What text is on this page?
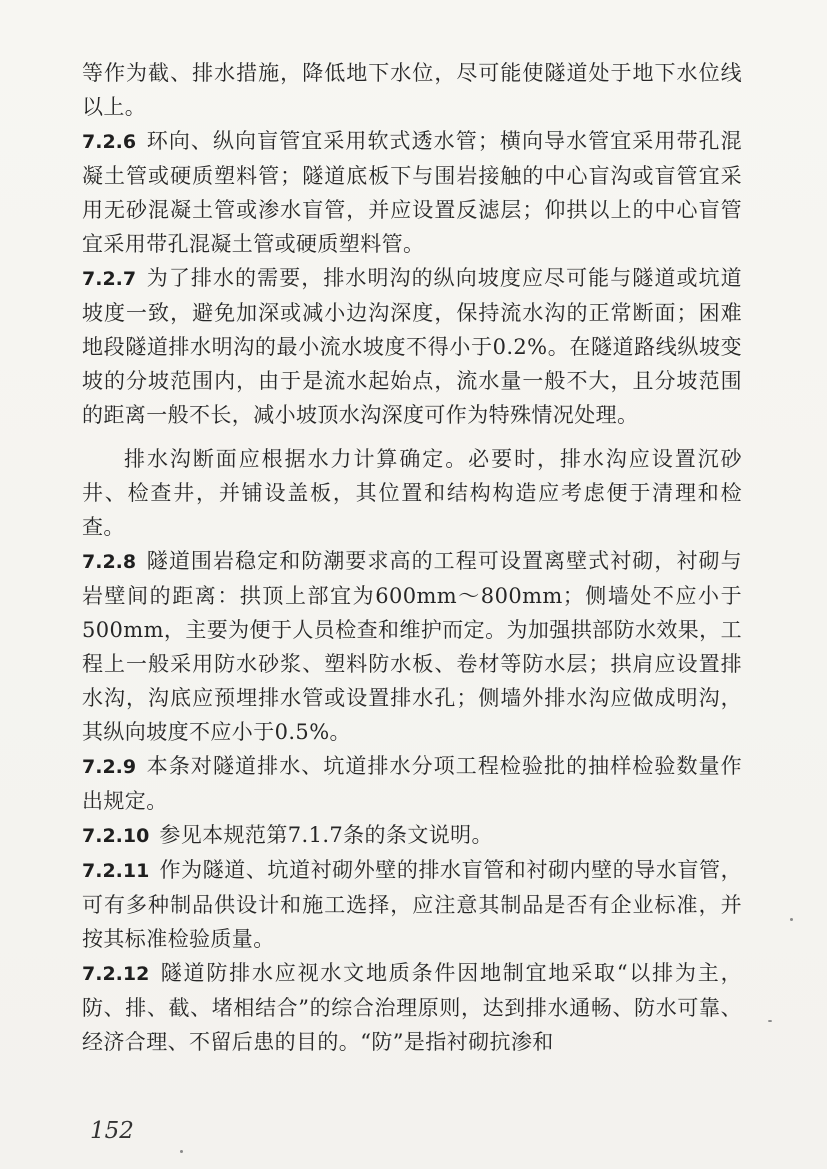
等作为截、排水措施，降低地下水位，尽可能使隧道处于地下水位线以上。

7.2.6 环向、纵向盲管宜采用软式透水管；横向导水管宜采用带孔混凝土管或硬质塑料管；隧道底板下与围岩接触的中心盲沟或盲管宜采用无砂混凝土管或渗水盲管，并应设置反滤层；仰拱以上的中心盲管宜采用带孔混凝土管或硬质塑料管。

7.2.7 为了排水的需要，排水明沟的纵向坡度应尽可能与隧道或坑道坡度一致，避免加深或减小边沟深度，保持流水沟的正常断面；困难地段隧道排水明沟的最小流水坡度不得小于0.2%。在隧道路线纵坡变坡的分坡范围内，由于是流水起始点，流水量一般不大，且分坡范围的距离一般不长，减小坡顶水沟深度可作为特殊情况处理。

排水沟断面应根据水力计算确定。必要时，排水沟应设置沉砂井、检查井，并铺设盖板，其位置和结构构造应考虑便于清理和检查。

7.2.8 隧道围岩稳定和防潮要求高的工程可设置离壁式衬砌，衬砌与岩壁间的距离：拱顶上部宜为600mm～800mm；侧墙处不应小于500mm，主要为便于人员检查和维护而定。为加强拱部防水效果，工程上一般采用防水砂浆、塑料防水板、卷材等防水层；拱肩应设置排水沟，沟底应预埋排水管或设置排水孔；侧墙外排水沟应做成明沟，其纵向坡度不应小于0.5%。

7.2.9 本条对隧道排水、坑道排水分项工程检验批的抽样检验数量作出规定。

7.2.10 参见本规范第7.1.7条的条文说明。

7.2.11 作为隧道、坑道衬砌外壁的排水盲管和衬砌内壁的导水盲管，可有多种制品供设计和施工选择，应注意其制品是否有企业标准，并按其标准检验质量。

7.2.12 隧道防排水应视水文地质条件因地制宜地采取“以排为主，防、排、截、堵相结合”的综合治理原则，达到排水通畅、防水可靠、经济合理、不留后患的目的。“防”是指衬砌抗渗和

152
